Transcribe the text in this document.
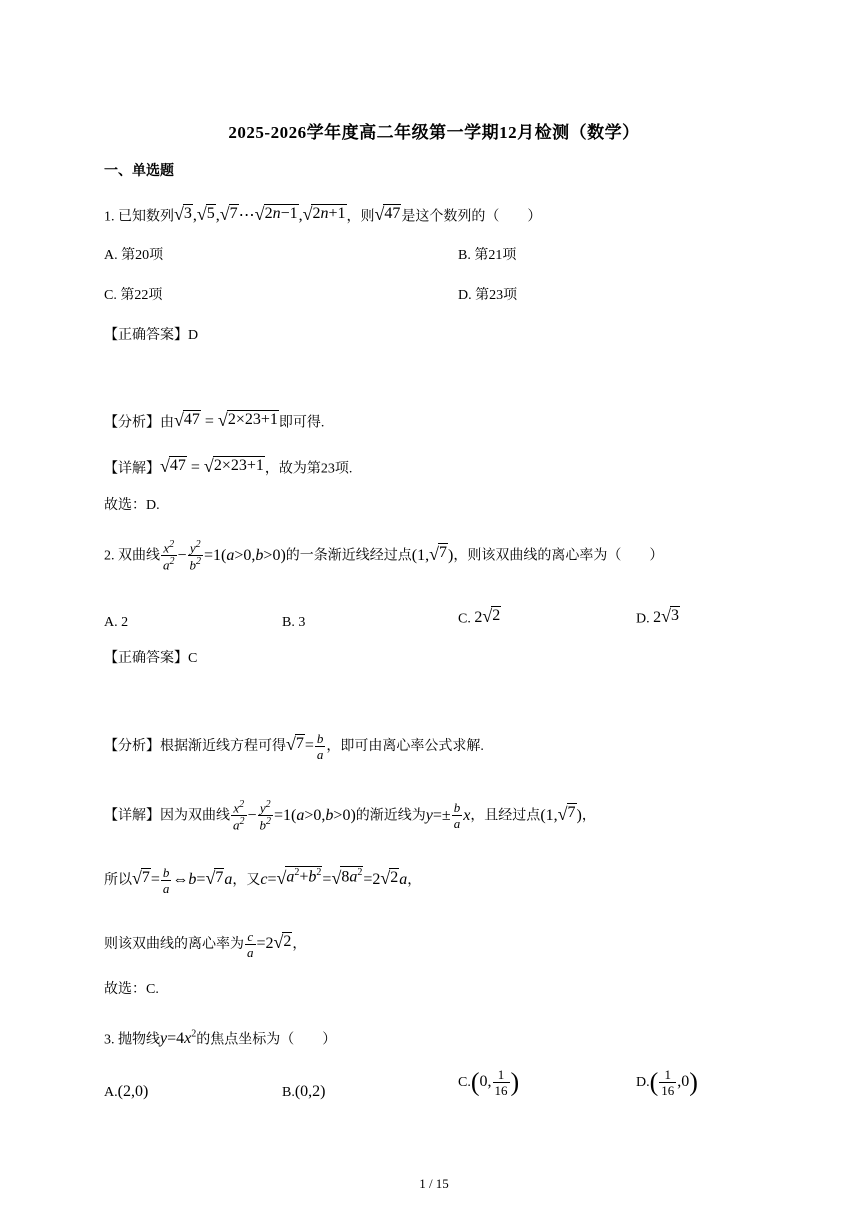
2025-2026学年度高二年级第一学期12月检测（数学）
一、单选题
1. 已知数列 √ 3 , √ 5 , √ 7 ⋯ √ 2n−1 , √ 2n+1 ，则 √ 47 是这个数列的（　　）
A. 第20项	B. 第21项
C. 第22项	D. 第23项
【正确答案】D
【分析】由 √ 47 = √ 2×23+1 即可得.
【详解】 √ 47 = √ 2×23+1 ，故为第23项.
故选：D.
2. 双曲线 $\frac{x^2}{a^2} - \frac{y^2}{b^2} =1(a>0,b>0)$的一条渐近线经过点(1, √ 7 )，则该双曲线的离心率为（　　）
A. 2	B. 3	C. 2 √ 2	D. 2 √ 3
【正确答案】C
【分析】根据渐近线方程可得 √ $7 = \frac{b}{a}$ ，即可由离心率公式求解.
【详解】因为双曲线 $\frac{x^2}{a^2} - \frac{y^2}{b^2} =1(a>0,b>0)$的渐近线为$y=\pm \frac{b}{a}$ x，且经过点(1, √ 7 )，
所以 √ $7 = \frac{b}{a}$ ⇔b= √ 7 a，又c= √ $a^2+b^2$ = √ $8a^2 =2$ √ 2 a，
则该双曲线的离心率为 $\frac{c}{a} =2$ √ 2 ，
故选：C.
3. 抛物线$y=4x^2$的焦点坐标为（　　）
A.(2,0)	B.(0,2)
C.(0, $\frac{1}{16}$ )	$D.( \frac{1}{16} ,0)$
1 / 15
